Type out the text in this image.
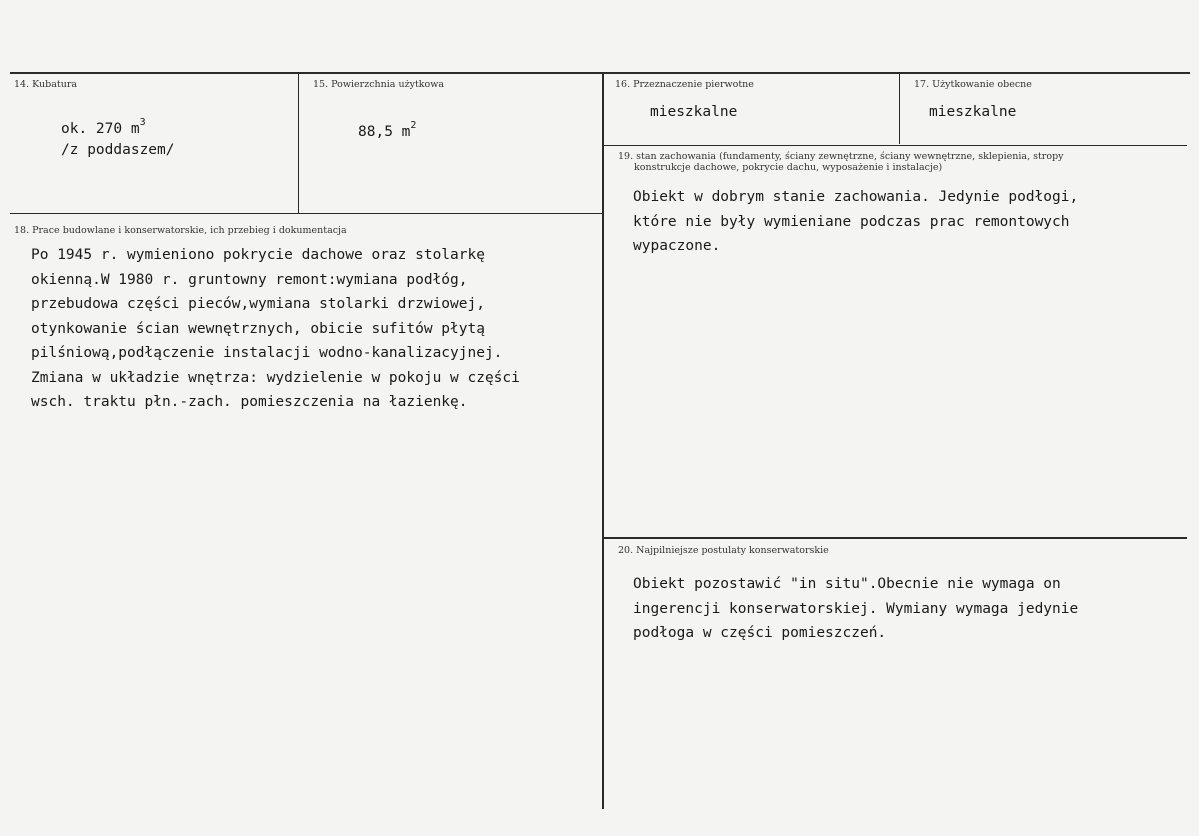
14. Kubatura
ok. 270 $m^3$
/z poddaszem/
15. Powierzchnia użytkowa
88,5 $m^2$
16. Przeznaczenie pierwotne
mieszkalne
17. Użytkowanie obecne
mieszkalne
18. Prace budowlane i konserwatorskie, ich przebieg i dokumentacja

Po 1945 r. wymieniono pokrycie dachowe oraz stolarkę

okienną.W 1980 r. gruntowny remont:wymiana podłóg,

przebudowa części pieców,wymiana stolarki drzwiowej,

otynkowanie ścian wewnętrznych, obicie sufitów płytą

pilśniową,podłączenie instalacji wodno-kanalizacyjnej.

Zmiana w układzie wnętrza: wydzielenie w pokoju w części

wsch. traktu płn.-zach. pomieszczenia na łazienkę.

19. stan zachowania (fundamenty, ściany zewnętrzne, ściany wewnętrzne, sklepienia, stropy
konstrukcje dachowe, pokrycie dachu, wyposażenie i instalacje)

Obiekt w dobrym stanie zachowania. Jedynie podłogi,

które nie były wymieniane podczas prac remontowych

wypaczone.

20. Najpilniejsze postulaty konserwatorskie

Obiekt pozostawić "in situ".Obecnie nie wymaga on

ingerencji konserwatorskiej. Wymiany wymaga jedynie

podłoga w części pomieszczeń.
